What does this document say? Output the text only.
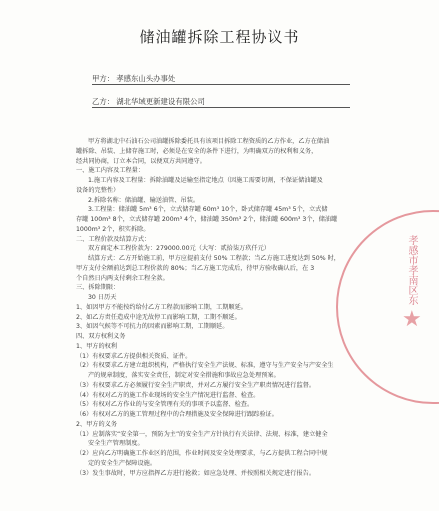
储油罐拆除工程协议书
甲方： 孝感东山头办事处
乙方： 湖北华域更新建设有限公司

甲方将湖北中石油石公司油罐拆除委托具有该项目拆除工程资质的乙方作业，乙方在储油

罐拆除、吊装、上储存施工时，必须是在安全的条件下进行，为明确双方的权利和义务，

经共同协商，订立本合同，以便双方共同遵守。

一、施工内容及工程量：

1.施工内容及工程量：拆除油罐及运输至指定地点（因施工需要切割，不保证储油罐及

设备的完整性）

2.拆除名称：储油罐、输送油管、吊装。

3.工程量：储油罐 5m³ 6个，立式储存罐 60m³ 10个，卧式储存罐 45m³ 5个，立式储

存罐 100m³ 8个，立式储存罐 200m³ 4个，储油罐 350m³ 2个，储油罐 600m³ 3个，储油罐

1000m³ 2个，积实拆除。

二、工程价款及结算方式：

双方商定本工程价款为：279000.00元（大写：贰拾柒万玖仟元）

结算方式：乙方开始施工前，甲方应提前支付 50% 工程款；当乙方施工进度达到 50% 时，

甲方支付全额前达到总工程价款的 80%；当乙方施工完成后，待甲方验收确认后，在 3

个自然日内两支付剩余工程全款。

三、拆除期限：

30 日历天

1、如因甲方不能按约给付乙方工程款而影响工期，工期顺延。

2、如乙方责任造成中途无故停工而影响工期，工期不顺延。

3、如因气候等不可抗力的因素而影响工期，工期顺延。

四、双方权利义务

1、甲方的权利

（1）有权要求乙方提供相关资质、证件。

（2）有权要求乙方建立组织机构，严格执行安全生产法规、标准，遵守与生产安全与产安全生

产的规章制度，落实安全责任，制定对安全措施和事故应急处理预案。

（3）有权要求乙方必须履行安全生产职责，并对乙方履行安全生产职责情况进行监督。

（4）有权对乙方的施工作业现场的安全生产情况进行监督、检查。

（5）有权对乙方作业的与安全管理有关的事项予以监督、检查。

（6）有权对乙方的施工管理过程中的合理措施及安全保障进行跟踪验证。

2、甲方的义务

（1）应制落实“安全第一，预防为主”的安全生产方针执行有关法律、法规、标准，建立健全

安全生产管理制度。

（2）应向乙方明确施工作业区的范围，作业时间及安全处理要求，与乙方提供工程合同中规

定的安全生产保障设施。

（3）发生事故时，甲方应指挥乙方进行抢救；如应急处理、并按照相关规定进行报告。

孝感市孝南区东
★
